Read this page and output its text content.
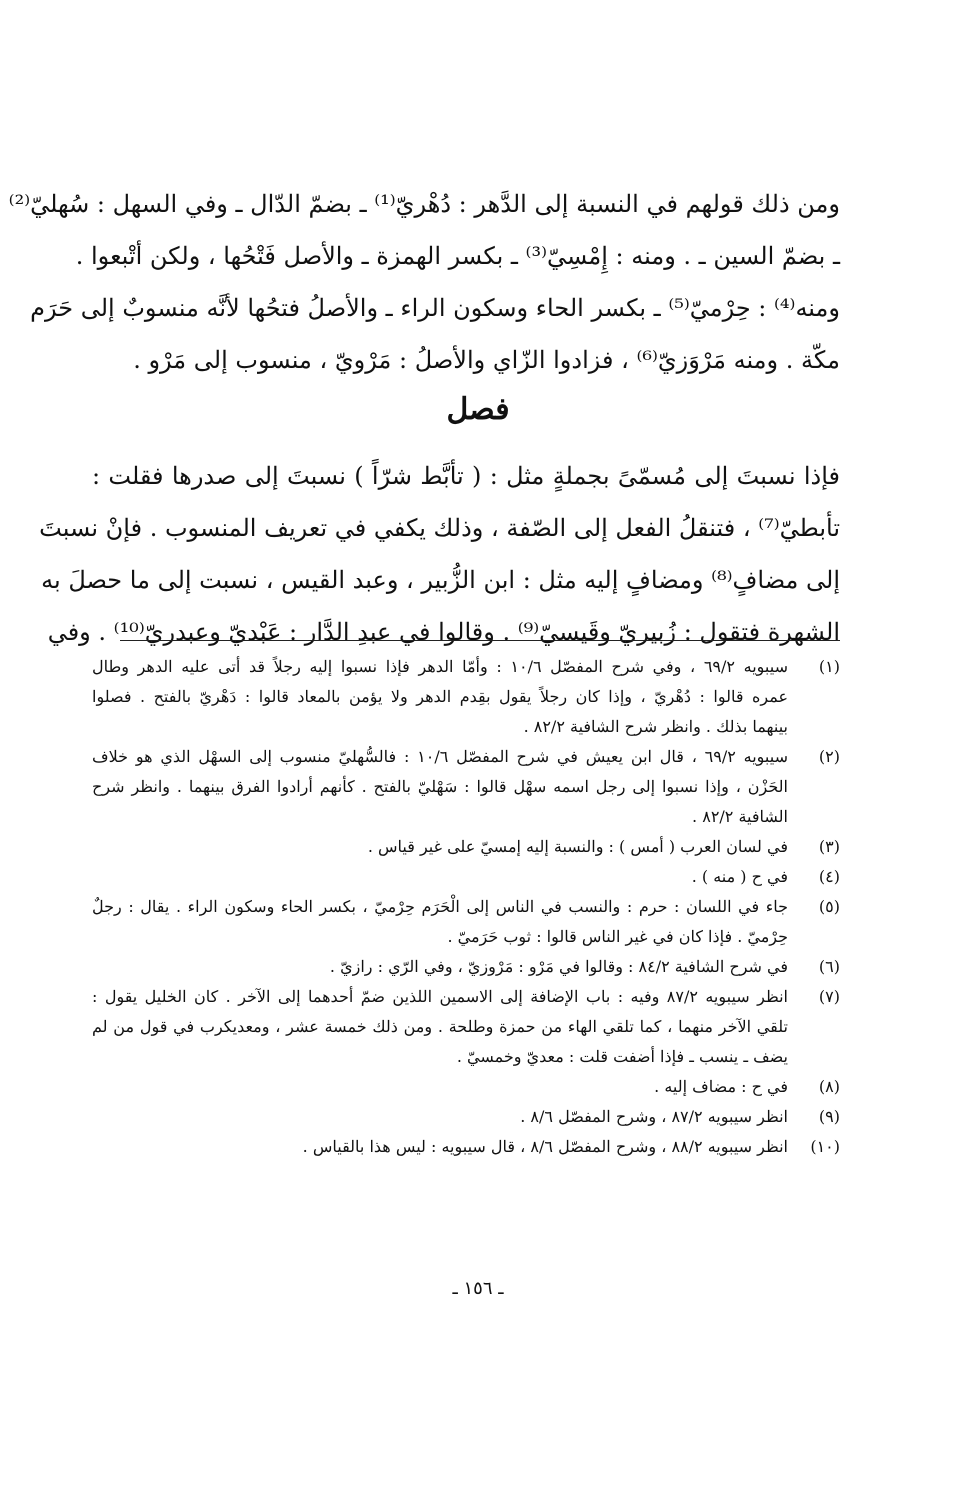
ومن ذلك قولهم في النسبة إلى الدَّهر : دُهْريّ⁽¹⁾ ـ بضمّ الدّال ـ وفي السهل : سُهليّ⁽²⁾
ـ بضمّ السين ـ . ومنه : إِمْسِيّ⁽³⁾ ـ بكسر الهمزة ـ والأصل فَتْحُها ، ولكن أتْبعوا .
ومنه⁽⁴⁾ : حِرْميّ⁽⁵⁾ ـ بكسر الحاء وسكون الراء ـ والأصلُ فتحُها لأنَّه منسوبٌ إلى حَرَم
مكّة . ومنه مَرْوَزيّ⁽⁶⁾ ، فزادوا الزّاي والأصلُ : مَرْويّ ، منسوب إلى مَرْو .
فصل
فإذا نسبتَ إلى مُسمّىً بجملةٍ مثل : ( تأبَّط شرّاً ) نسبتَ إلى صدرها فقلت :
تأبطيّ⁽⁷⁾ ، فتنقلُ الفعل إلى الصّفة ، وذلك يكفي في تعريف المنسوب . فإنْ نسبتَ
إلى مضافٍ⁽⁸⁾ ومضافٍ إليه مثل : ابن الزُّبير ، وعبد القيس ، نسبت إلى ما حصلَ به
الشهرة فتقول : زُبيريّ وقَيسيّ⁽⁹⁾ . وقالوا في عبدِ الدَّار : عَبْديّ وعبدريّ⁽¹⁰⁾ . وفي
(١)
سيبويه ٦٩/٢ ، وفي شرح المفصّل ١٠/٦ : وأمّا الدهر فإذا نسبوا إليه رجلاً قد أتى عليه الدهر وطال
عمره قالوا : دُهْريّ ، وإذا كان رجلاً يقول بقِدم الدهر ولا يؤمن بالمعاد قالوا : دَهْريّ بالفتح . فصلوا
بينهما بذلك . وانظر شرح الشافية ٨٢/٢ .
(٢)
سيبويه ٦٩/٢ ، قال ابن يعيش في شرح المفصّل ١٠/٦ : فالسُّهليّ منسوب إلى السهْل الذي هو خلاف
الحَزْن ، وإذا نسبوا إلى رجل اسمه سهْل قالوا : سَهْليّ بالفتح . كأنهم أرادوا الفرق بينهما . وانظر شرح
الشافية ٨٢/٢ .
(٣)
في لسان العرب ( أمس ) : والنسبة إليه إمسيّ على غير قياس .
(٤)
في ح ( منه ) .
(٥)
جاء في اللسان : حرم : والنسب في الناس إلى الْحَرَم حِرْميّ ، بكسر الحاء وسكون الراء . يقال : رجلٌ
حِرْميّ . فإذا كان في غير الناس قالوا : ثوب حَرَميّ .
(٦)
في شرح الشافية ٨٤/٢ : وقالوا في مَرْو : مَرْوزيّ ، وفي الرّي : رازيّ .
(٧)
انظر سيبويه ٨٧/٢ وفيه : باب الإضافة إلى الاسمين اللذين ضمّ أحدهما إلى الآخر . كان الخليل يقول :
تلقي الآخر منهما ، كما تلقي الهاء من حمزة وطلحة . ومن ذلك خمسة عشر ، ومعديكرب في قول من لم
يضف ـ ينسب ـ فإذا أضفت قلت : معديّ وخمسيّ .
(٨)
في ح : مضاف إليه .
(٩)
انظر سيبويه ٨٧/٢ ، وشرح المفصّل ٨/٦ .
(١٠)
انظر سيبويه ٨٨/٢ ، وشرح المفصّل ٨/٦ ، قال سيبويه : ليس هذا بالقياس .
ـ ١٥٦ ـ
